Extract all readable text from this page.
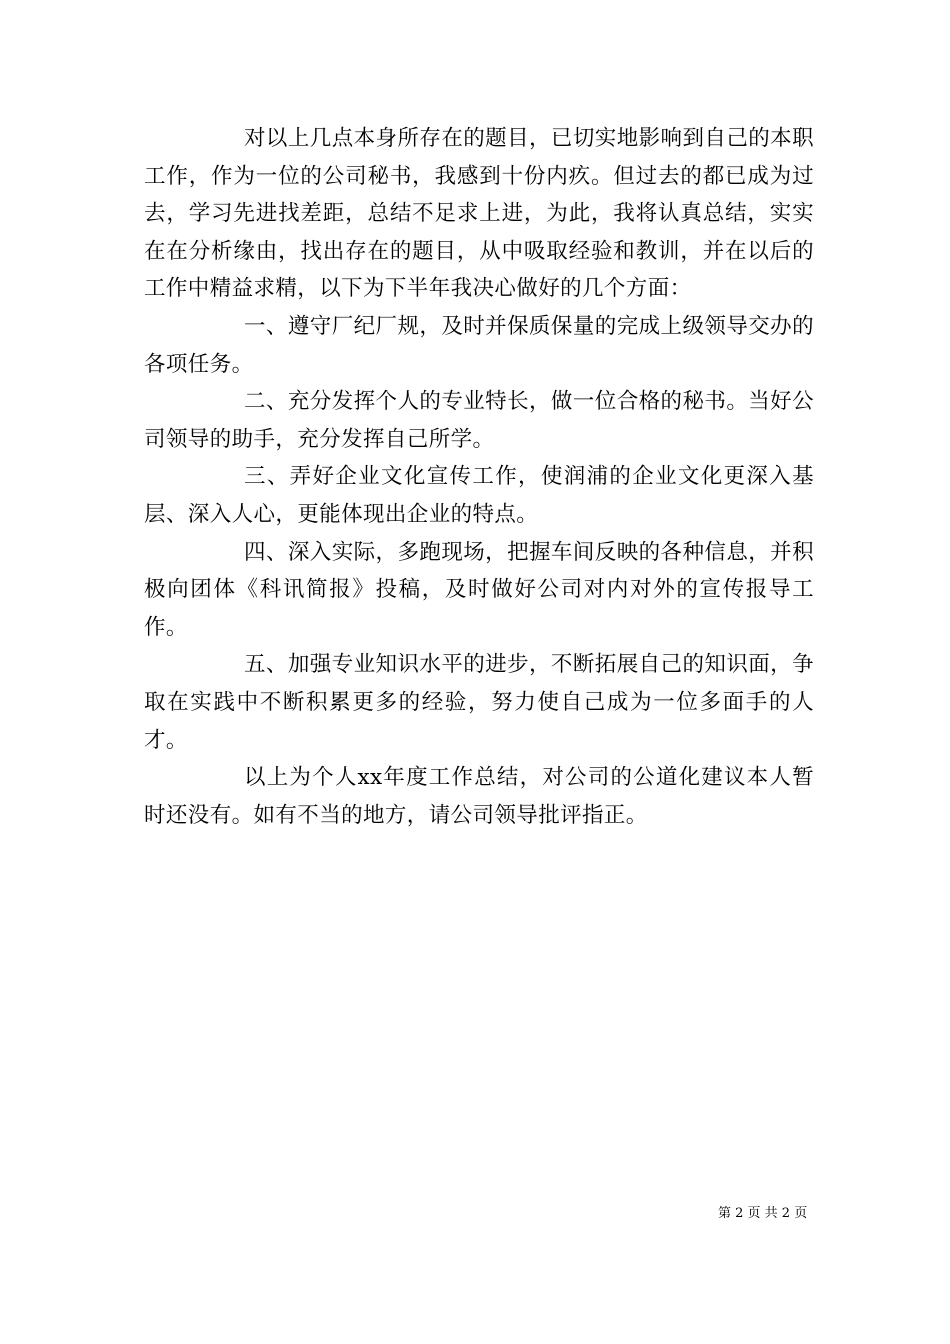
对以上几点本身所存在的题目，已切实地影响到自己的本职工作，作为一位的公司秘书，我感到十份内疚。但过去的都已成为过去，学习先进找差距，总结不足求上进，为此，我将认真总结，实实在在分析缘由，找出存在的题目，从中吸取经验和教训，并在以后的工作中精益求精，以下为下半年我决心做好的几个方面：

一、遵守厂纪厂规，及时并保质保量的完成上级领导交办的各项任务。

二、充分发挥个人的专业特长，做一位合格的秘书。当好公司领导的助手，充分发挥自己所学。

三、弄好企业文化宣传工作，使润浦的企业文化更深入基层、深入人心，更能体现出企业的特点。

四、深入实际，多跑现场，把握车间反映的各种信息，并积极向团体《科讯简报》投稿，及时做好公司对内对外的宣传报导工作。

五、加强专业知识水平的进步，不断拓展自己的知识面，争取在实践中不断积累更多的经验，努力使自己成为一位多面手的人才。

以上为个人xx年度工作总结，对公司的公道化建议本人暂时还没有。如有不当的地方，请公司领导批评指正。

第 2 页 共 2 页
